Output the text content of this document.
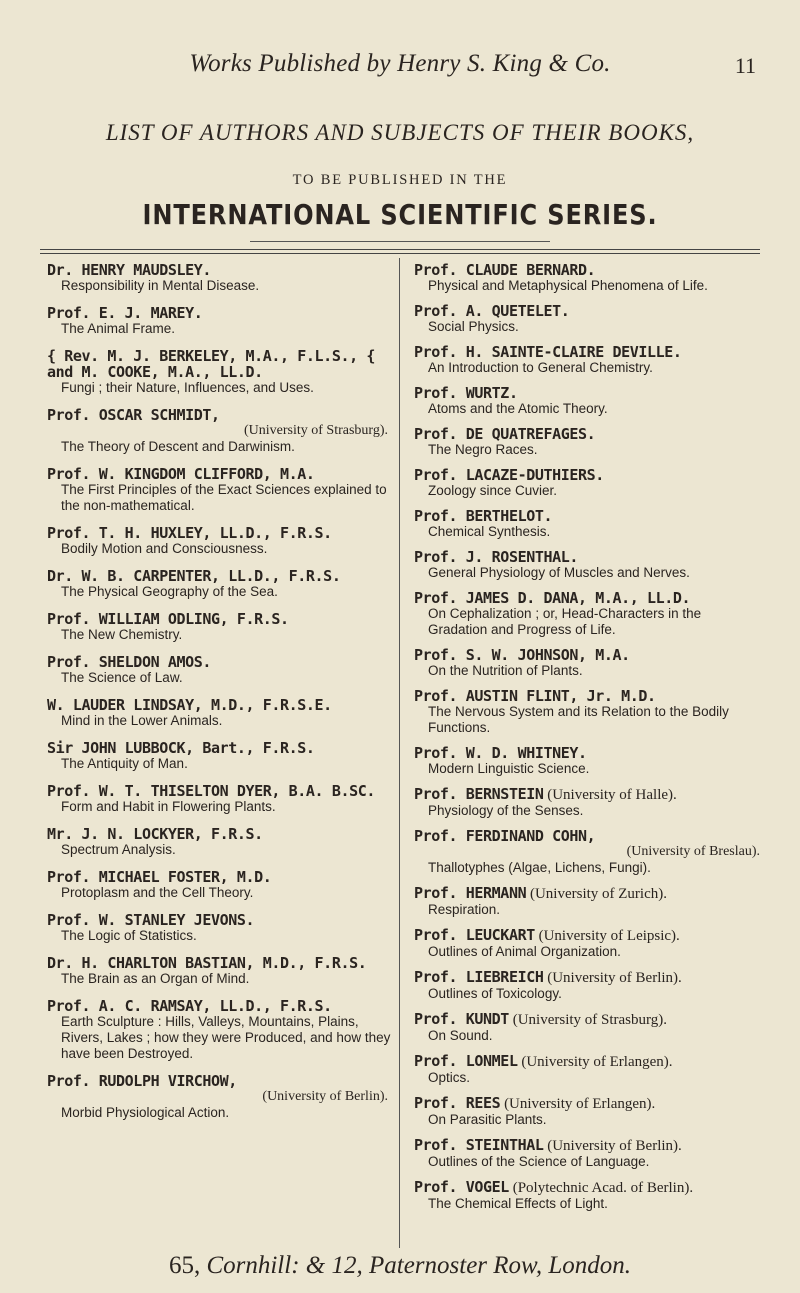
Works Published by Henry S. King & Co.	11
LIST OF AUTHORS AND SUBJECTS OF THEIR BOOKS,
TO BE PUBLISHED IN THE
INTERNATIONAL SCIENTIFIC SERIES.
Dr. HENRY MAUDSLEY.
Responsibility in Mental Disease.
Prof. E. J. MAREY.
The Animal Frame.
{ Rev. M. J. BERKELEY, M.A., F.L.S., { and M. COOKE, M.A., LL.D.
Fungi ; their Nature, Influences, and Uses.
Prof. OSCAR SCHMIDT,
(University of Strasburg).
The Theory of Descent and Darwinism.
Prof. W. KINGDOM CLIFFORD, M.A.
The First Principles of the Exact Sciences explained to the non-mathematical.
Prof. T. H. HUXLEY, LL.D., F.R.S.
Bodily Motion and Consciousness.
Dr. W. B. CARPENTER, LL.D., F.R.S.
The Physical Geography of the Sea.
Prof. WILLIAM ODLING, F.R.S.
The New Chemistry.
Prof. SHELDON AMOS.
The Science of Law.
W. LAUDER LINDSAY, M.D., F.R.S.E.
Mind in the Lower Animals.
Sir JOHN LUBBOCK, Bart., F.R.S.
The Antiquity of Man.
Prof. W. T. THISELTON DYER, B.A. B.SC.
Form and Habit in Flowering Plants.
Mr. J. N. LOCKYER, F.R.S.
Spectrum Analysis.
Prof. MICHAEL FOSTER, M.D.
Protoplasm and the Cell Theory.
Prof. W. STANLEY JEVONS.
The Logic of Statistics.
Dr. H. CHARLTON BASTIAN, M.D., F.R.S.
The Brain as an Organ of Mind.
Prof. A. C. RAMSAY, LL.D., F.R.S.
Earth Sculpture : Hills, Valleys, Mountains, Plains, Rivers, Lakes ; how they were Produced, and how they have been Destroyed.
Prof. RUDOLPH VIRCHOW,
(University of Berlin).
Morbid Physiological Action.
Prof. CLAUDE BERNARD.
Physical and Metaphysical Phenomena of Life.
Prof. A. QUETELET.
Social Physics.
Prof. H. SAINTE-CLAIRE DEVILLE.
An Introduction to General Chemistry.
Prof. WURTZ.
Atoms and the Atomic Theory.
Prof. DE QUATREFAGES.
The Negro Races.
Prof. LACAZE-DUTHIERS.
Zoology since Cuvier.
Prof. BERTHELOT.
Chemical Synthesis.
Prof. J. ROSENTHAL.
General Physiology of Muscles and Nerves.
Prof. JAMES D. DANA, M.A., LL.D.
On Cephalization ; or, Head-Characters in the Gradation and Progress of Life.
Prof. S. W. JOHNSON, M.A.
On the Nutrition of Plants.
Prof. AUSTIN FLINT, Jr. M.D.
The Nervous System and its Relation to the Bodily Functions.
Prof. W. D. WHITNEY.
Modern Linguistic Science.
Prof. BERNSTEIN (University of Halle).
Physiology of the Senses.
Prof. FERDINAND COHN,
(University of Breslau).
Thallotyphes (Algae, Lichens, Fungi).
Prof. HERMANN (University of Zurich).
Respiration.
Prof. LEUCKART (University of Leipsic).
Outlines of Animal Organization.
Prof. LIEBREICH (University of Berlin).
Outlines of Toxicology.
Prof. KUNDT (University of Strasburg).
On Sound.
Prof. LONMEL (University of Erlangen).
Optics.
Prof. REES (University of Erlangen).
On Parasitic Plants.
Prof. STEINTHAL (University of Berlin).
Outlines of the Science of Language.
Prof. VOGEL (Polytechnic Acad. of Berlin).
The Chemical Effects of Light.
65, Cornhill: & 12, Paternoster Row, London.
